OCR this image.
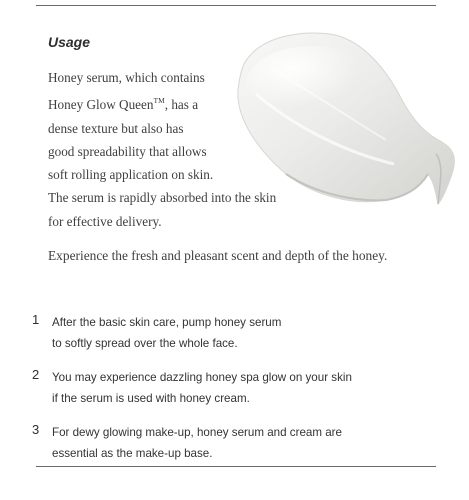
Usage
Honey serum, which contains
Honey Glow Queen™, has a
dense texture but also has
good spreadability that allows
soft rolling application on skin.
The serum is rapidly absorbed into the skin
for effective delivery.
Experience the fresh and pleasant scent and depth of the honey.
1 After the basic skin care, pump honey serum
to softly spread over the whole face.
2 You may experience dazzling honey spa glow on your skin
if the serum is used with honey cream.
3 For dewy glowing make-up, honey serum and cream are
essential as the make-up base.
